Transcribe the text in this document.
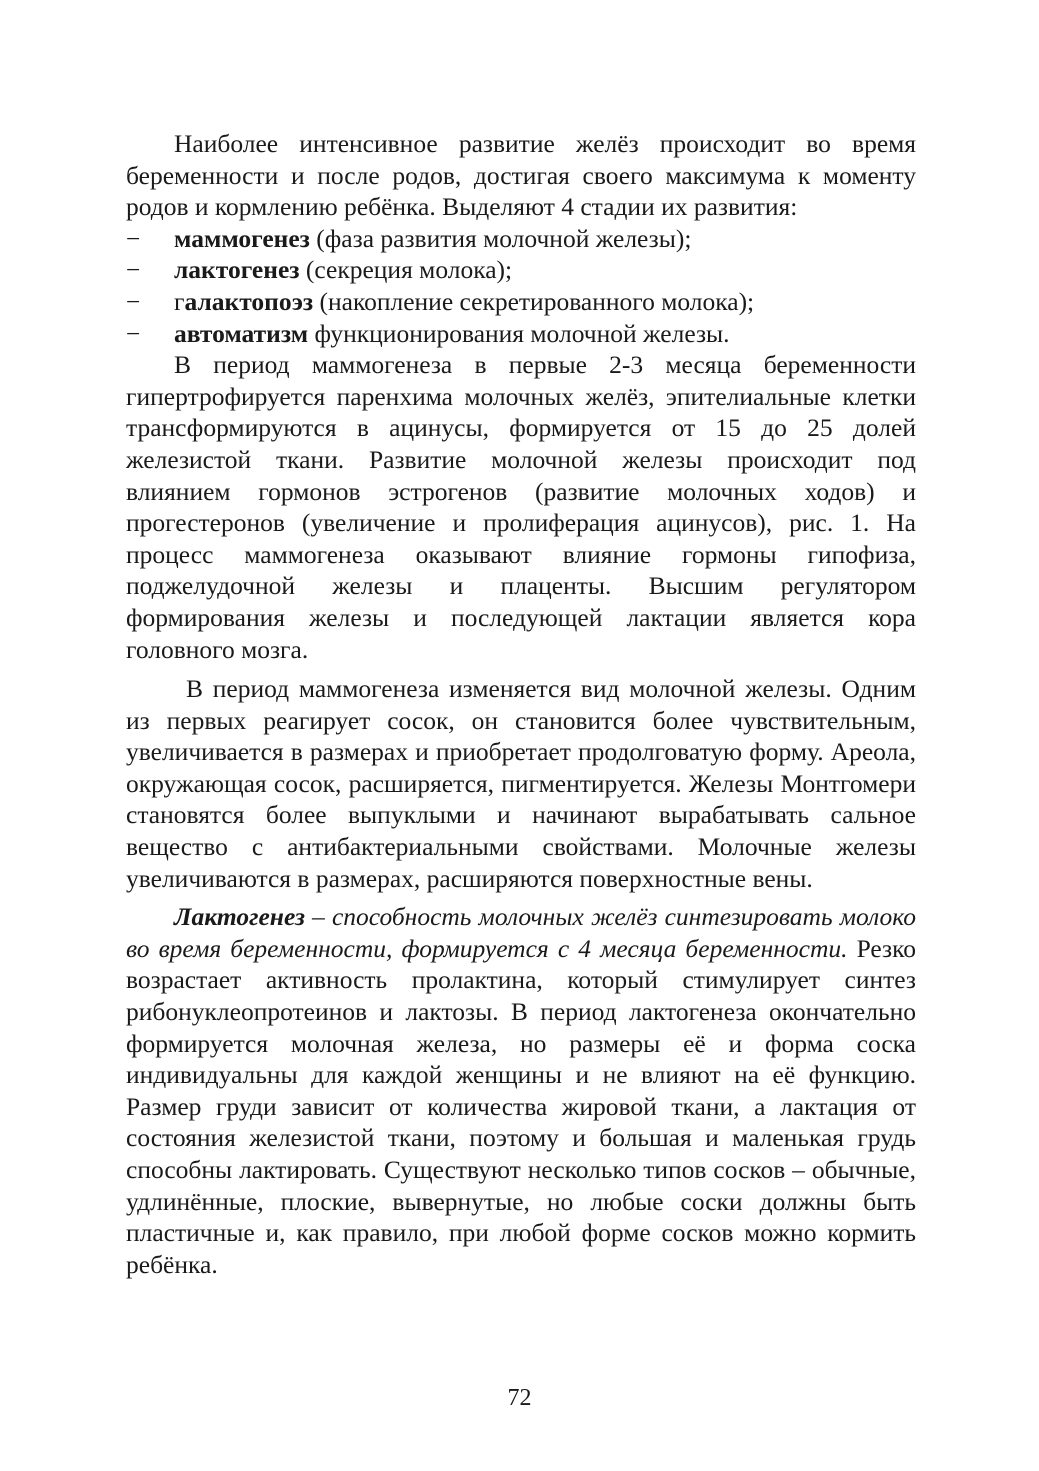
Наиболее интенсивное развитие желёз происходит во время беременности и после родов, достигая своего максимума к моменту родов и кормлению ребёнка. Выделяют 4 стадии их развития:

− маммогенез (фаза развития молочной железы);
− лактогенез (секреция молока);
− галактопоэз (накопление секретированного молока);
− автоматизм функционирования молочной железы.

В период маммогенеза в первые 2-3 месяца беременности гипертрофируется паренхима молочных желёз, эпителиальные клетки трансформируются в ацинусы, формируется от 15 до 25 долей железистой ткани. Развитие молочной железы происходит под влиянием гормонов эстрогенов (развитие молочных ходов) и прогестеронов (увеличение и пролиферация ацинусов), рис. 1. На процесс маммогенеза оказывают влияние гормоны гипофиза, поджелудочной железы и плаценты. Высшим регулятором формирования железы и последующей лактации является кора головного мозга.

В период маммогенеза изменяется вид молочной железы. Одним из первых реагирует сосок, он становится более чувствительным, увеличивается в размерах и приобретает продолговатую форму. Ареола, окружающая сосок, расширяется, пигментируется. Железы Монтгомери становятся более выпуклыми и начинают вырабатывать сальное вещество с антибактериальными свойствами. Молочные железы увеличиваются в размерах, расширяются поверхностные вены.

Лактогенез – способность молочных желёз синтезировать молоко во время беременности, формируется с 4 месяца беременности. Резко возрастает активность пролактина, который стимулирует синтез рибонуклеопротеинов и лактозы. В период лактогенеза окончательно формируется молочная железа, но размеры её и форма соска индивидуальны для каждой женщины и не влияют на её функцию. Размер груди зависит от количества жировой ткани, а лактация от состояния железистой ткани, поэтому и большая и маленькая грудь способны лактировать. Существуют несколько типов сосков – обычные, удлинённые, плоские, вывернутые, но любые соски должны быть пластичные и, как правило, при любой форме сосков можно кормить ребёнка.

72
